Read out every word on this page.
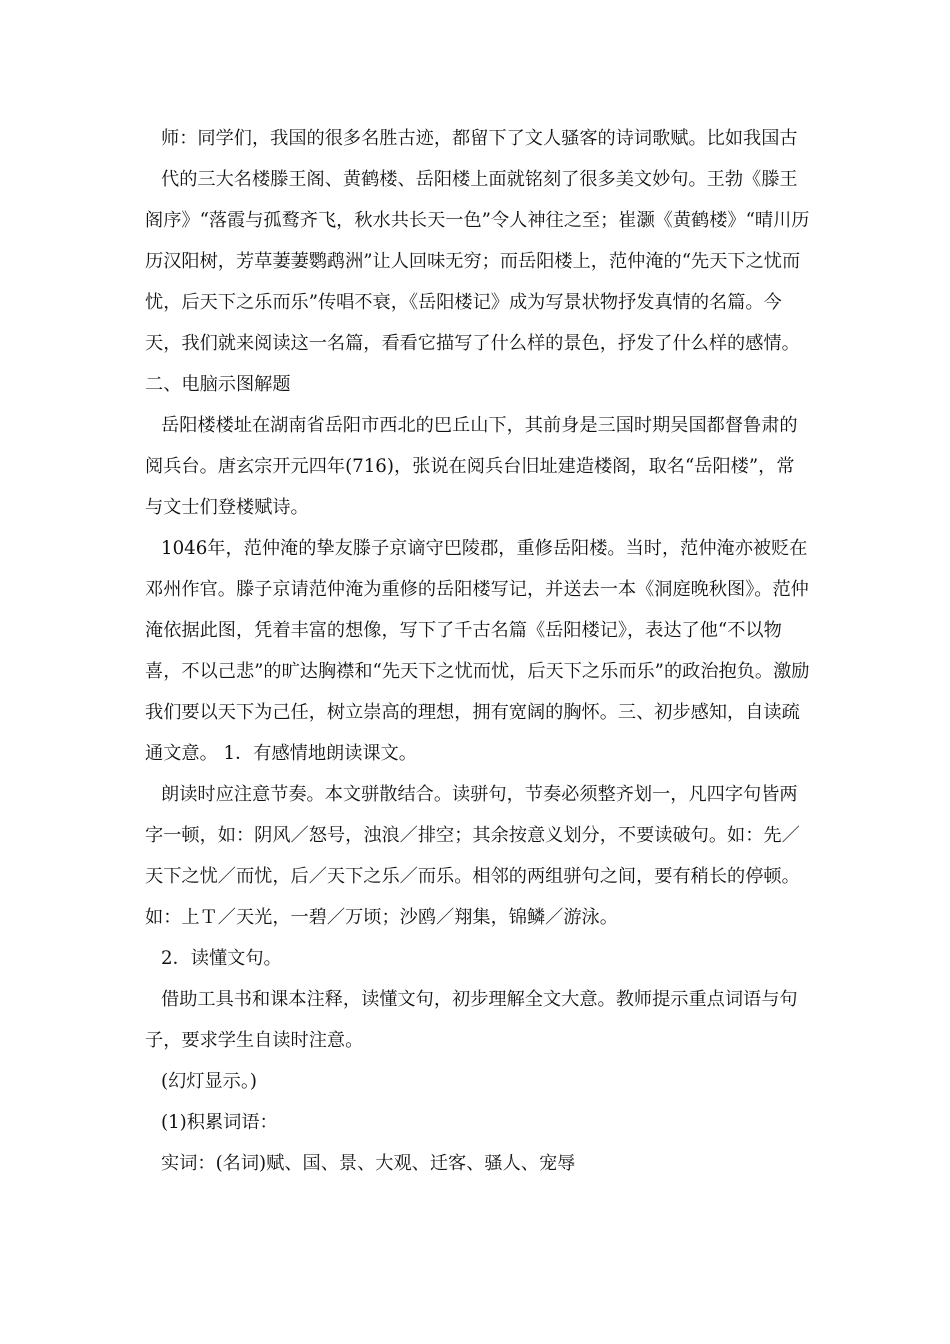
师：同学们，我国的很多名胜古迹，都留下了文人骚客的诗词歌赋。比如我国古

代的三大名楼滕王阁、黄鹤楼、岳阳楼上面就铭刻了很多美文妙句。王勃《滕王阁序》“落霞与孤鹜齐飞，秋水共长天一色”令人神往之至；崔灏《黄鹤楼》“晴川历历汉阳树，芳草萋萋鹦鹉洲”让人回味无穷；而岳阳楼上，范仲淹的“先天下之忧而忧，后天下之乐而乐”传唱不衰，《岳阳楼记》成为写景状物抒发真情的名篇。今天，我们就来阅读这一名篇，看看它描写了什么样的景色，抒发了什么样的感情。二、电脑示图解题

岳阳楼楼址在湖南省岳阳市西北的巴丘山下，其前身是三国时期吴国都督鲁肃的阅兵台。唐玄宗开元四年(716)，张说在阅兵台旧址建造楼阁，取名“岳阳楼”，常与文士们登楼赋诗。

1046年，范仲淹的挚友滕子京谪守巴陵郡，重修岳阳楼。当时，范仲淹亦被贬在邓州作官。滕子京请范仲淹为重修的岳阳楼写记，并送去一本《洞庭晚秋图》。范仲淹依据此图，凭着丰富的想像，写下了千古名篇《岳阳楼记》，表达了他“不以物喜，不以己悲”的旷达胸襟和“先天下之忧而忧，后天下之乐而乐”的政治抱负。激励我们要以天下为己任，树立崇高的理想，拥有宽阔的胸怀。三、初步感知，自读疏通文意。 1．有感情地朗读课文。

朗读时应注意节奏。本文骈散结合。读骈句，节奏必须整齐划一，凡四字句皆两字一顿，如：阴风／怒号，浊浪／排空；其余按意义划分，不要读破句。如：先／天下之忧／而忧，后／天下之乐／而乐。相邻的两组骈句之间，要有稍长的停顿。如：上Ｔ／天光，一碧／万顷；沙鸥／翔集，锦鳞／游泳。

2．读懂文句。

借助工具书和课本注释，读懂文句，初步理解全文大意。教师提示重点词语与句子，要求学生自读时注意。

(幻灯显示。)

(1)积累词语：

实词：(名词)赋、国、景、大观、迁客、骚人、宠辱
